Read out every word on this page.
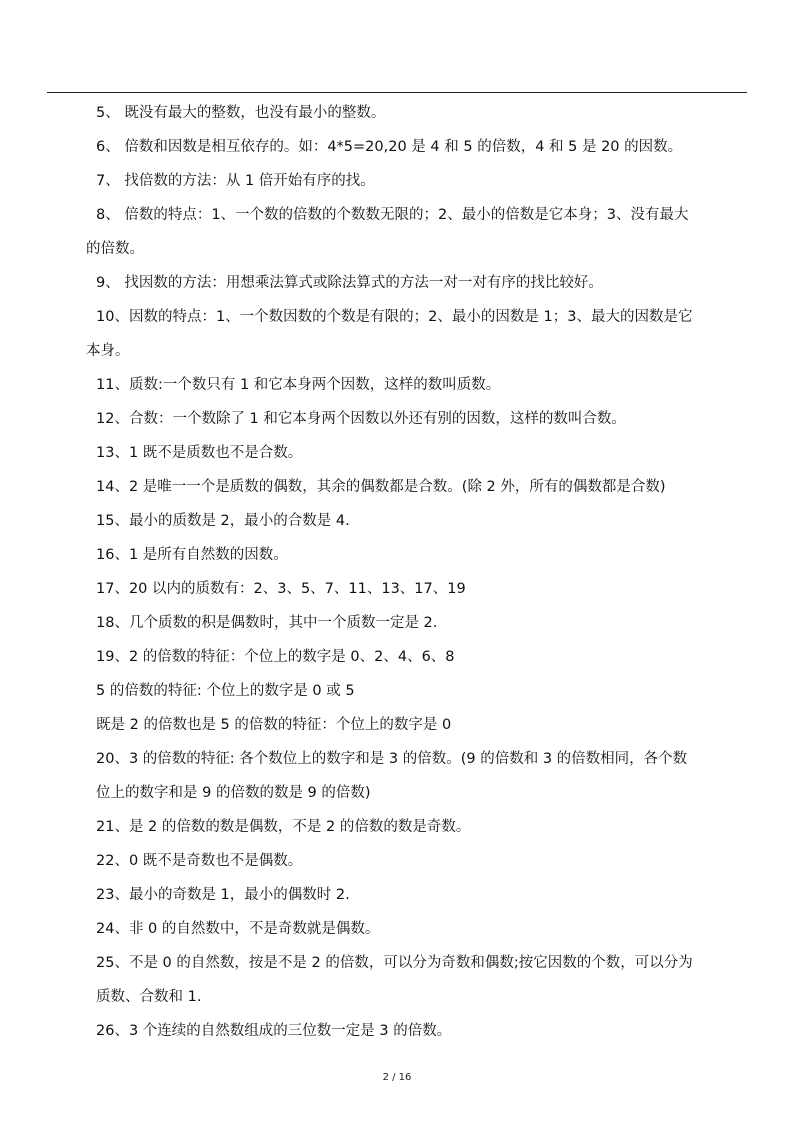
5、 既没有最大的整数，也没有最小的整数。
6、 倍数和因数是相互依存的。如：4*5=20,20 是 4 和 5 的倍数，4 和 5 是 20 的因数。
7、 找倍数的方法：从 1 倍开始有序的找。
8、 倍数的特点：1、一个数的倍数的个数数无限的；2、最小的倍数是它本身；3、没有最大
的倍数。
9、 找因数的方法：用想乘法算式或除法算式的方法一对一对有序的找比较好。
10、因数的特点：1、一个数因数的个数是有限的；2、最小的因数是 1；3、最大的因数是它
本身。
11、质数:一个数只有 1 和它本身两个因数，这样的数叫质数。
12、合数：一个数除了 1 和它本身两个因数以外还有别的因数，这样的数叫合数。
13、1 既不是质数也不是合数。
14、2 是唯一一个是质数的偶数，其余的偶数都是合数。(除 2 外，所有的偶数都是合数)
15、最小的质数是 2，最小的合数是 4.
16、1 是所有自然数的因数。
17、20 以内的质数有：2、3、5、7、11、13、17、19
18、几个质数的积是偶数时，其中一个质数一定是 2.
19、2 的倍数的特征：个位上的数字是 0、2、4、6、8
5 的倍数的特征: 个位上的数字是 0 或 5
既是 2 的倍数也是 5 的倍数的特征：个位上的数字是 0
20、3 的倍数的特征: 各个数位上的数字和是 3 的倍数。(9 的倍数和 3 的倍数相同，各个数
位上的数字和是 9 的倍数的数是 9 的倍数)
21、是 2 的倍数的数是偶数，不是 2 的倍数的数是奇数。
22、0 既不是奇数也不是偶数。
23、最小的奇数是 1，最小的偶数时 2.
24、非 0 的自然数中，不是奇数就是偶数。
25、不是 0 的自然数，按是不是 2 的倍数，可以分为奇数和偶数;按它因数的个数，可以分为
质数、合数和 1.
26、3 个连续的自然数组成的三位数一定是 3 的倍数。
2 / 16
